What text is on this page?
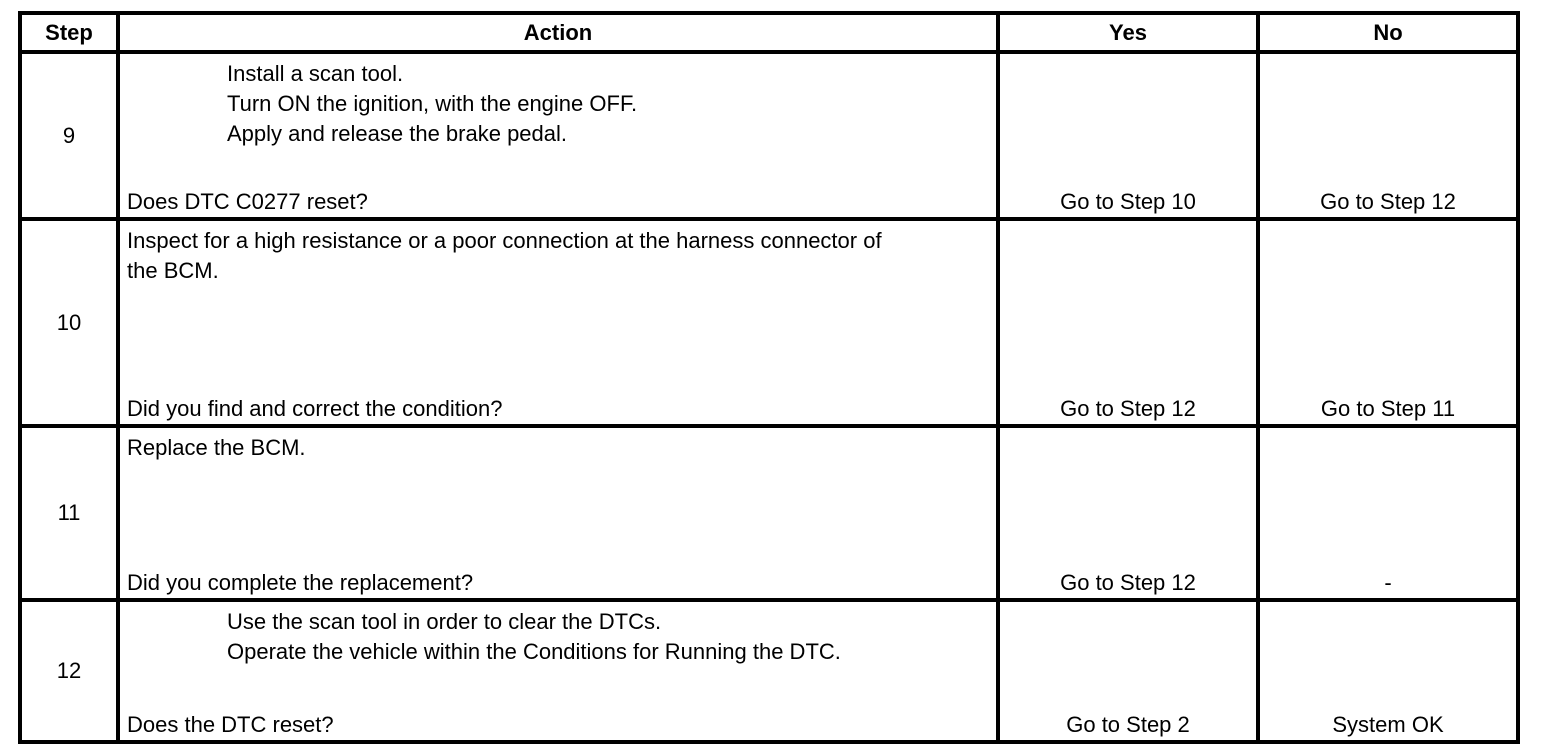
Step	Action	Yes	No
9
Install a scan tool.
Turn ON the ignition, with the engine OFF.
Apply and release the brake pedal.
Does DTC C0277 reset?	Go to Step 10	Go to Step 12
10
Inspect for a high resistance or a poor connection at the harness connector of
the BCM.
Did you find and correct the condition?	Go to Step 12	Go to Step 11
11
Replace the BCM.
Did you complete the replacement?	Go to Step 12	-
12
Use the scan tool in order to clear the DTCs.
Operate the vehicle within the Conditions for Running the DTC.
Does the DTC reset?	Go to Step 2	System OK
